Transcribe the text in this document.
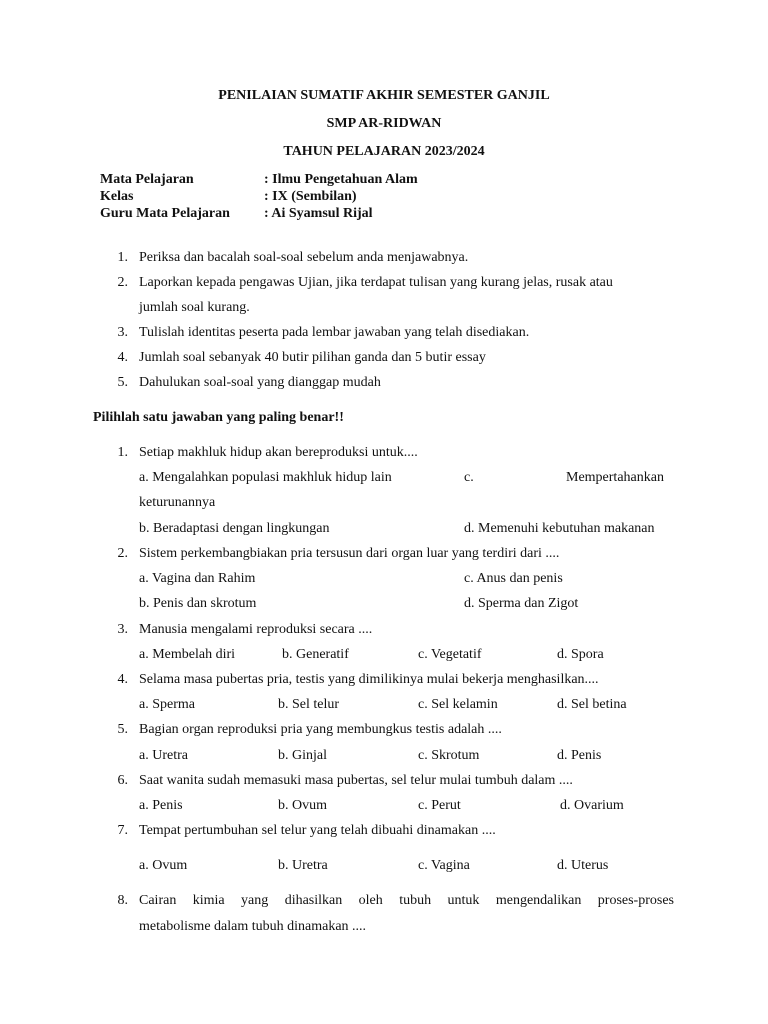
PENILAIAN SUMATIF AKHIR SEMESTER GANJIL
SMP AR-RIDWAN
TAHUN PELAJARAN 2023/2024
Mata Pelajaran	: Ilmu Pengetahuan Alam
Kelas	: IX (Sembilan)
Guru Mata Pelajaran	: Ai Syamsul Rijal
1. Periksa dan bacalah soal-soal sebelum anda menjawabnya.
2. Laporkan kepada pengawas Ujian, jika terdapat tulisan yang kurang jelas, rusak atau
jumlah soal kurang.
3. Tulislah identitas peserta pada lembar jawaban yang telah disediakan.
4. Jumlah soal sebanyak 40 butir pilihan ganda dan 5 butir essay
5. Dahulukan soal-soal yang dianggap mudah
Pilihlah satu jawaban yang paling benar!!
1. Setiap makhluk hidup akan bereproduksi untuk....
a. Mengalahkan populasi makhluk hidup lain	c.	Mempertahankan
keturunannya
b. Beradaptasi dengan lingkungan	d. Memenuhi kebutuhan makanan
2. Sistem perkembangbiakan pria tersusun dari organ luar yang terdiri dari ....
a. Vagina dan Rahim	c. Anus dan penis
b. Penis dan skrotum	d. Sperma dan Zigot
3. Manusia mengalami reproduksi secara ....
a. Membelah diri	b. Generatif	c. Vegetatif	d. Spora
4. Selama masa pubertas pria, testis yang dimilikinya mulai bekerja menghasilkan....
a. Sperma	b. Sel telur	c. Sel kelamin	d. Sel betina
5. Bagian organ reproduksi pria yang membungkus testis adalah ....
a. Uretra	b. Ginjal	c. Skrotum	d. Penis
6. Saat wanita sudah memasuki masa pubertas, sel telur mulai tumbuh dalam ....
a. Penis	b. Ovum	c. Perut	d. Ovarium
7. Tempat pertumbuhan sel telur yang telah dibuahi dinamakan ....
a. Ovum	b. Uretra	c. Vagina	d. Uterus
8. Cairan kimia yang dihasilkan oleh tubuh untuk mengendalikan proses-proses
metabolisme dalam tubuh dinamakan ....
